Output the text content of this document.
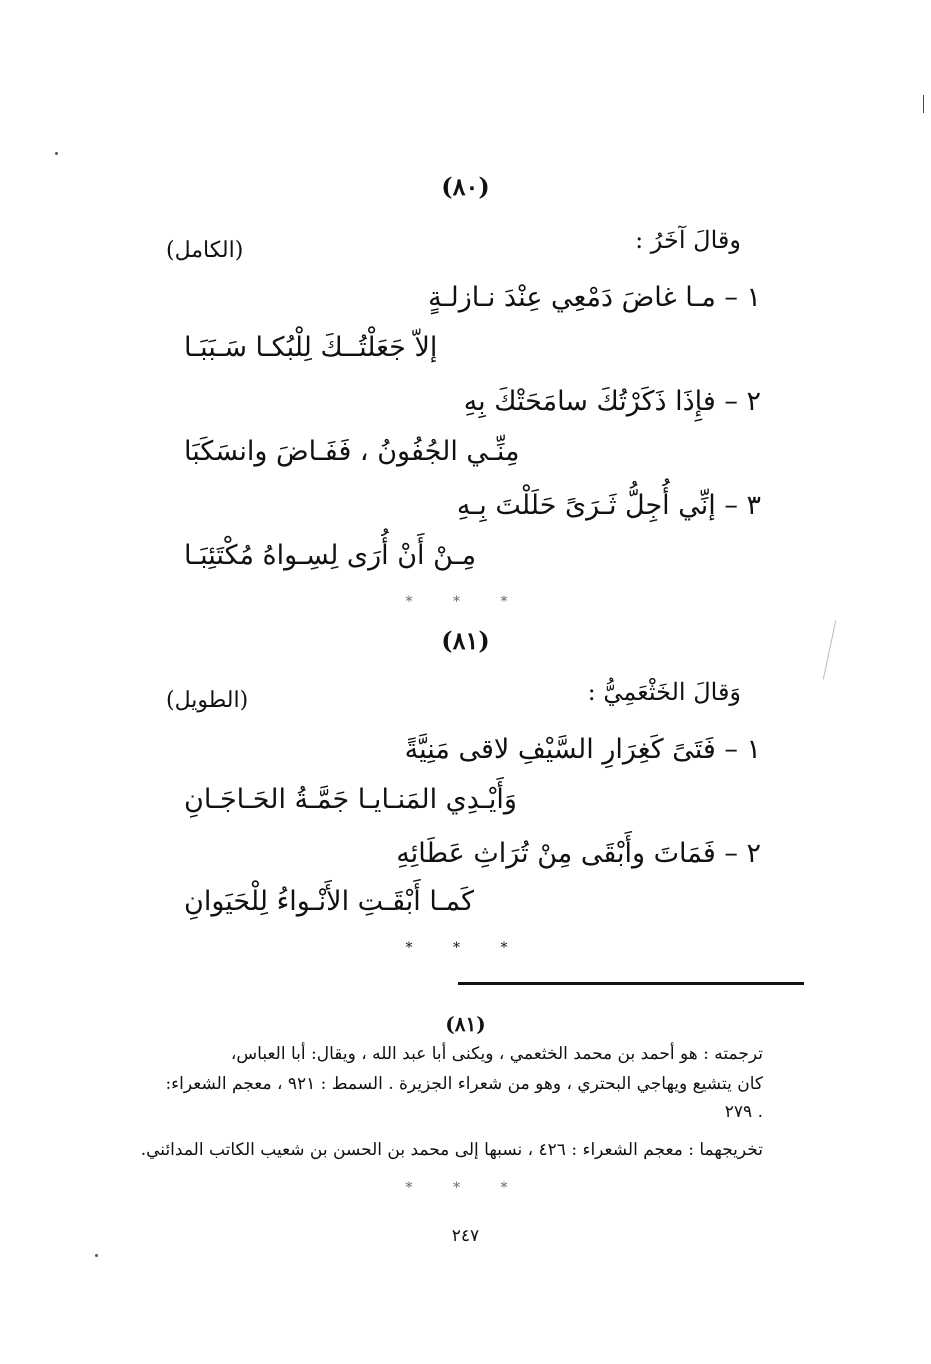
(٨٠)
وقالَ آخَرُ :
(الكامل)
١ – مـا غاضَ دَمْعِي عِنْدَ نـازلـةٍ
إلاّ جَعَلْتُــكَ لِلْبُكـا سَـبَبَـا
٢ – فإِذَا ذَكَرْتُكَ سامَحَتْكَ بِهِ
مِنِّـي الجُفُونُ ، فَفَـاضَ وانسَكَبَا
٣ – إنِّي أُجِلُّ ثَـرَىً حَلَلْتَ بِـهِ
مِـنْ أَنْ أُرَى لِسِـواهُ مُكْتَئِبَـا
* * *
(٨١)
وَقالَ الخَثْعَمِيُّ :
(الطويل)
١ – فَتَىً كَغِرَارِ السَّيْفِ لاقى مَنِيَّةً
وَأَيْـدِي المَنـايـا جَمَّـةُ الحَـاجَـانِ
٢ – فَمَاتَ وأَبْقَى مِنْ تُرَاثِ عَطَائِهِ
كَمـا أَبْقَـتِ الأَنْـواءُ لِلْحَيَوانِ
* * *
(٨١)
ترجمته : هو أحمد بن محمد الخثعمي ، ويكنى أبا عبد الله ، ويقال: أبا العباس،
كان يتشيع ويهاجي البحتري ، وهو من شعراء الجزيرة . السمط : ٩٢١ ، معجم الشعراء:
٢٧٩ .
تخريجهما : معجم الشعراء : ٤٢٦ ، نسبها إلى محمد بن الحسن بن شعيب الكاتب المدائني.
* * *
٢٤٧
